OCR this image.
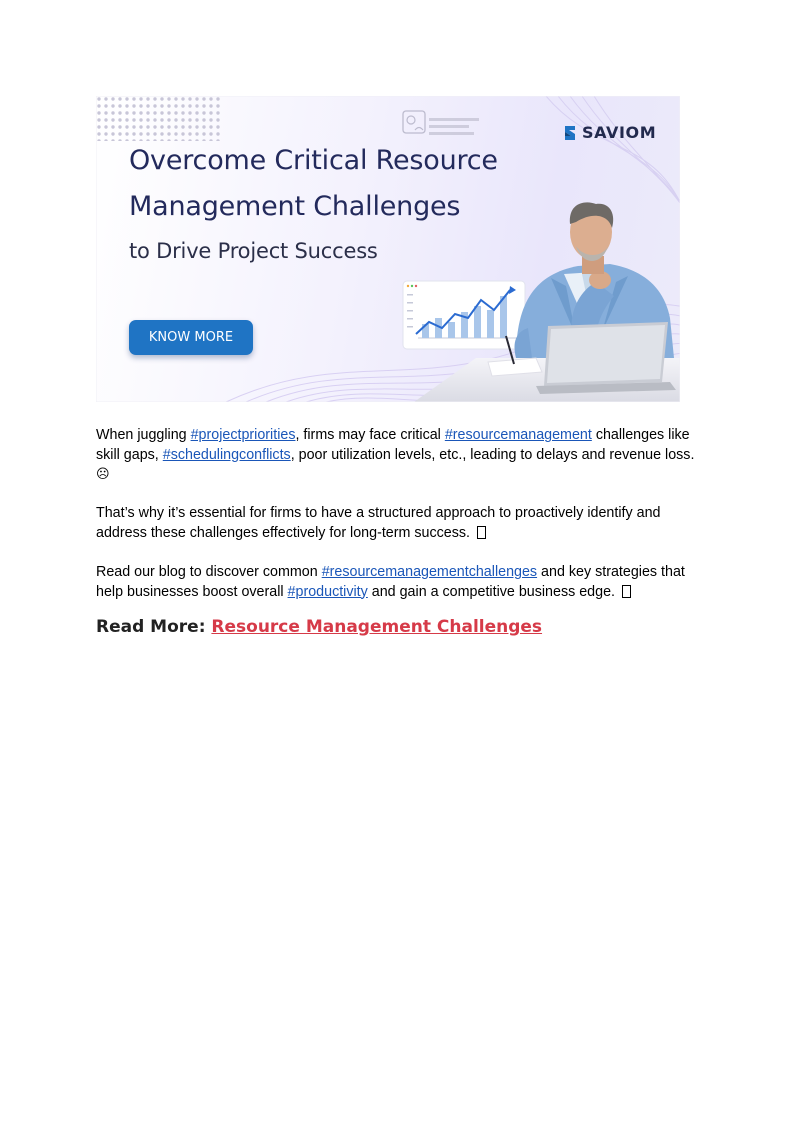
Overcome Critical Resource

Management Challenges

to Drive Project Success

KNOW MORE
SAVIOM

When juggling #projectpriorities, firms may face critical #resourcemanagement challenges like skill gaps, #schedulingconflicts, poor utilization levels, etc., leading to delays and revenue loss. ☹

That’s why it’s essential for firms to have a structured approach to proactively identify and address these challenges effectively for long-term success.

Read our blog to discover common #resourcemanagementchallenges and key strategies that help businesses boost overall #productivity and gain a competitive business edge.

Read More: Resource Management Challenges
